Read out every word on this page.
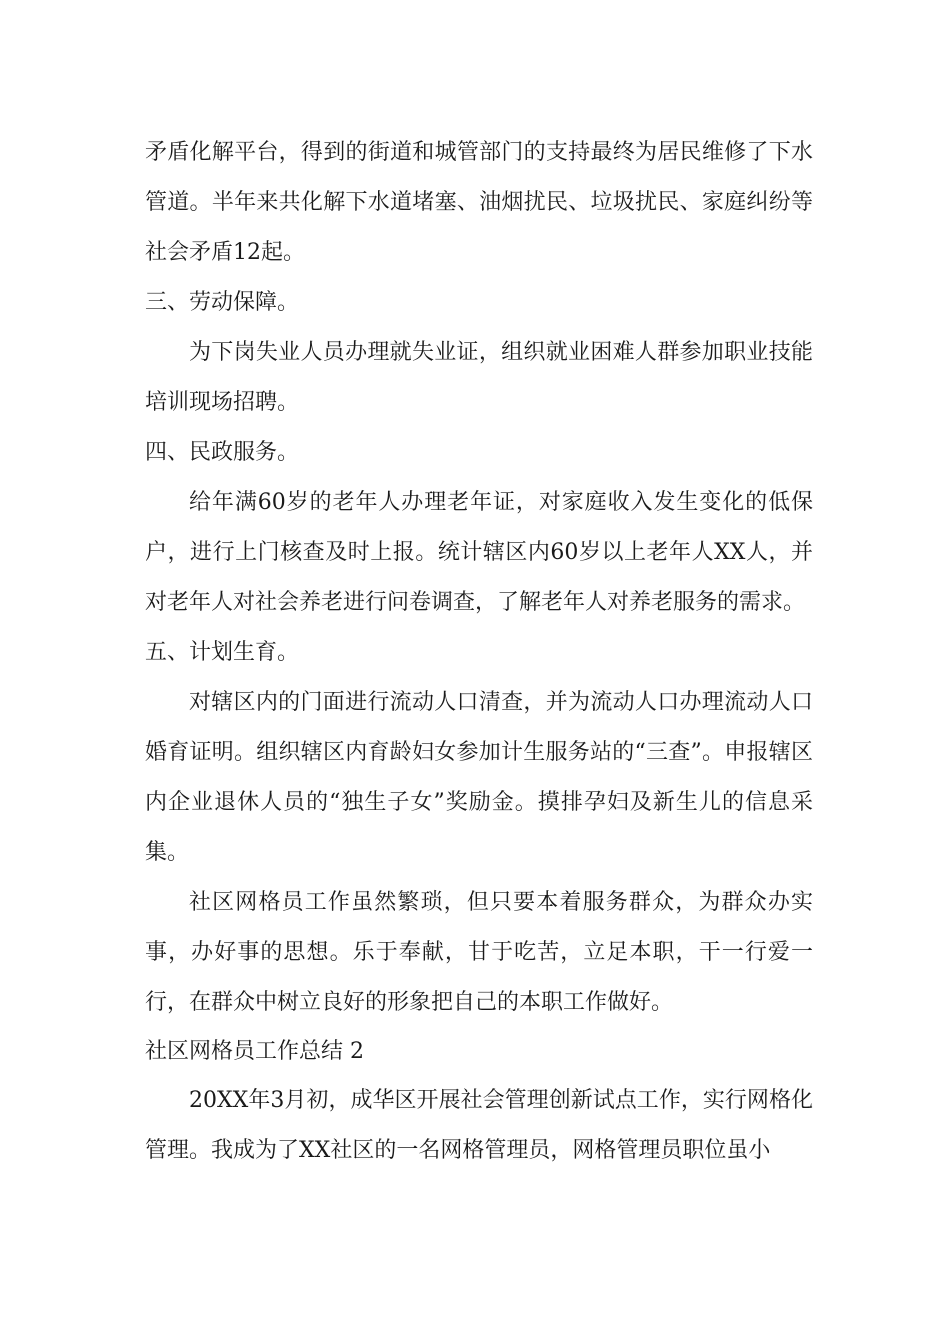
矛盾化解平台，得到的街道和城管部门的支持最终为居民维修了下水管道。半年来共化解下水道堵塞、油烟扰民、垃圾扰民、家庭纠纷等社会矛盾12起。

三、劳动保障。

为下岗失业人员办理就失业证，组织就业困难人群参加职业技能培训现场招聘。

四、民政服务。

给年满60岁的老年人办理老年证，对家庭收入发生变化的低保户，进行上门核查及时上报。统计辖区内60岁以上老年人XX人，并对老年人对社会养老进行问卷调查，了解老年人对养老服务的需求。

五、计划生育。

对辖区内的门面进行流动人口清查，并为流动人口办理流动人口婚育证明。组织辖区内育龄妇女参加计生服务站的“三查”。申报辖区内企业退休人员的“独生子女”奖励金。摸排孕妇及新生儿的信息采集。

社区网格员工作虽然繁琐，但只要本着服务群众，为群众办实事，办好事的思想。乐于奉献，甘于吃苦，立足本职，干一行爱一行，在群众中树立良好的形象把自己的本职工作做好。

社区网格员工作总结 2

20XX年3月初，成华区开展社会管理创新试点工作，实行网格化管理。我成为了XX社区的一名网格管理员，网格管理员职位虽小
